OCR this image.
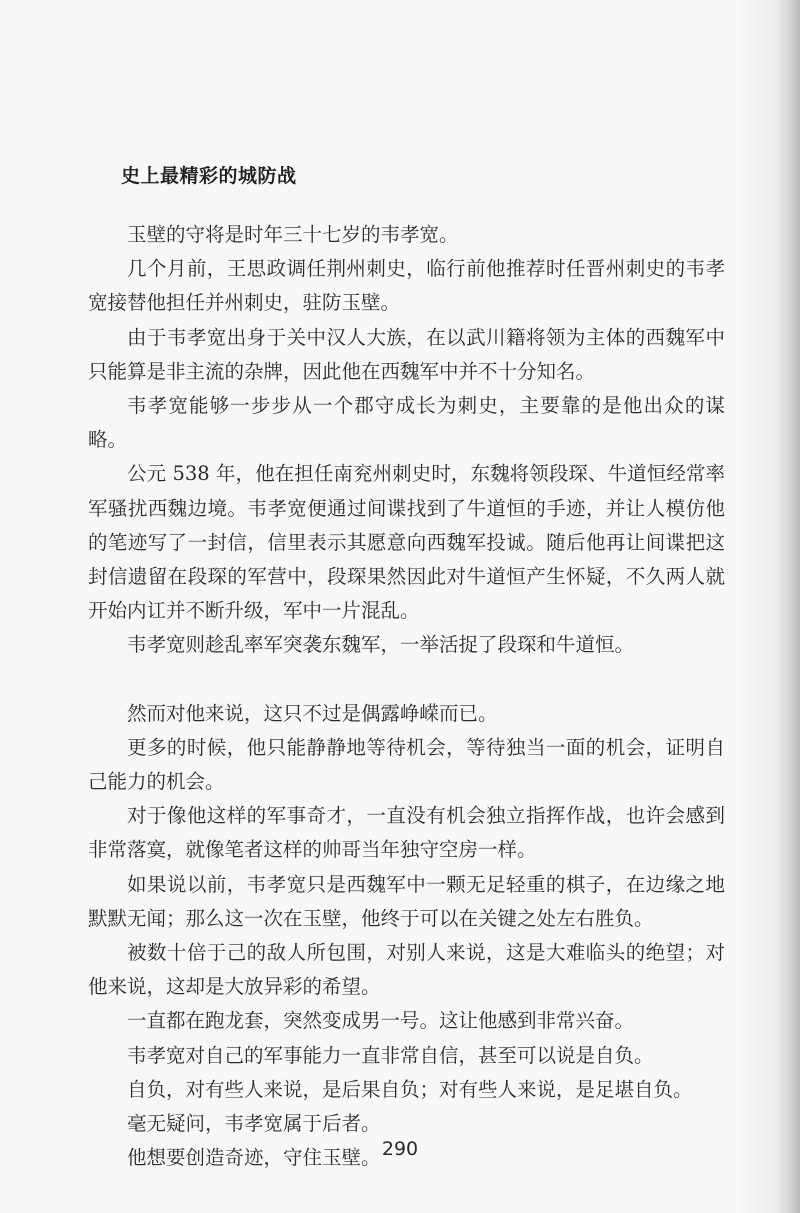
史上最精彩的城防战

玉壁的守将是时年三十七岁的韦孝宽。

几个月前，王思政调任荆州刺史，临行前他推荐时任晋州刺史的韦孝宽接替他担任并州刺史，驻防玉壁。

由于韦孝宽出身于关中汉人大族，在以武川籍将领为主体的西魏军中只能算是非主流的杂牌，因此他在西魏军中并不十分知名。

韦孝宽能够一步步从一个郡守成长为刺史，主要靠的是他出众的谋略。

公元 538 年，他在担任南兖州刺史时，东魏将领段琛、牛道恒经常率军骚扰西魏边境。韦孝宽便通过间谍找到了牛道恒的手迹，并让人模仿他的笔迹写了一封信，信里表示其愿意向西魏军投诚。随后他再让间谍把这封信遗留在段琛的军营中，段琛果然因此对牛道恒产生怀疑，不久两人就开始内讧并不断升级，军中一片混乱。

韦孝宽则趁乱率军突袭东魏军，一举活捉了段琛和牛道恒。

然而对他来说，这只不过是偶露峥嵘而已。

更多的时候，他只能静静地等待机会，等待独当一面的机会，证明自己能力的机会。

对于像他这样的军事奇才，一直没有机会独立指挥作战，也许会感到非常落寞，就像笔者这样的帅哥当年独守空房一样。

如果说以前，韦孝宽只是西魏军中一颗无足轻重的棋子，在边缘之地默默无闻；那么这一次在玉壁，他终于可以在关键之处左右胜负。

被数十倍于己的敌人所包围，对别人来说，这是大难临头的绝望；对他来说，这却是大放异彩的希望。

一直都在跑龙套，突然变成男一号。这让他感到非常兴奋。

韦孝宽对自己的军事能力一直非常自信，甚至可以说是自负。

自负，对有些人来说，是后果自负；对有些人来说，是足堪自负。

毫无疑问，韦孝宽属于后者。

他想要创造奇迹，守住玉壁。 290
